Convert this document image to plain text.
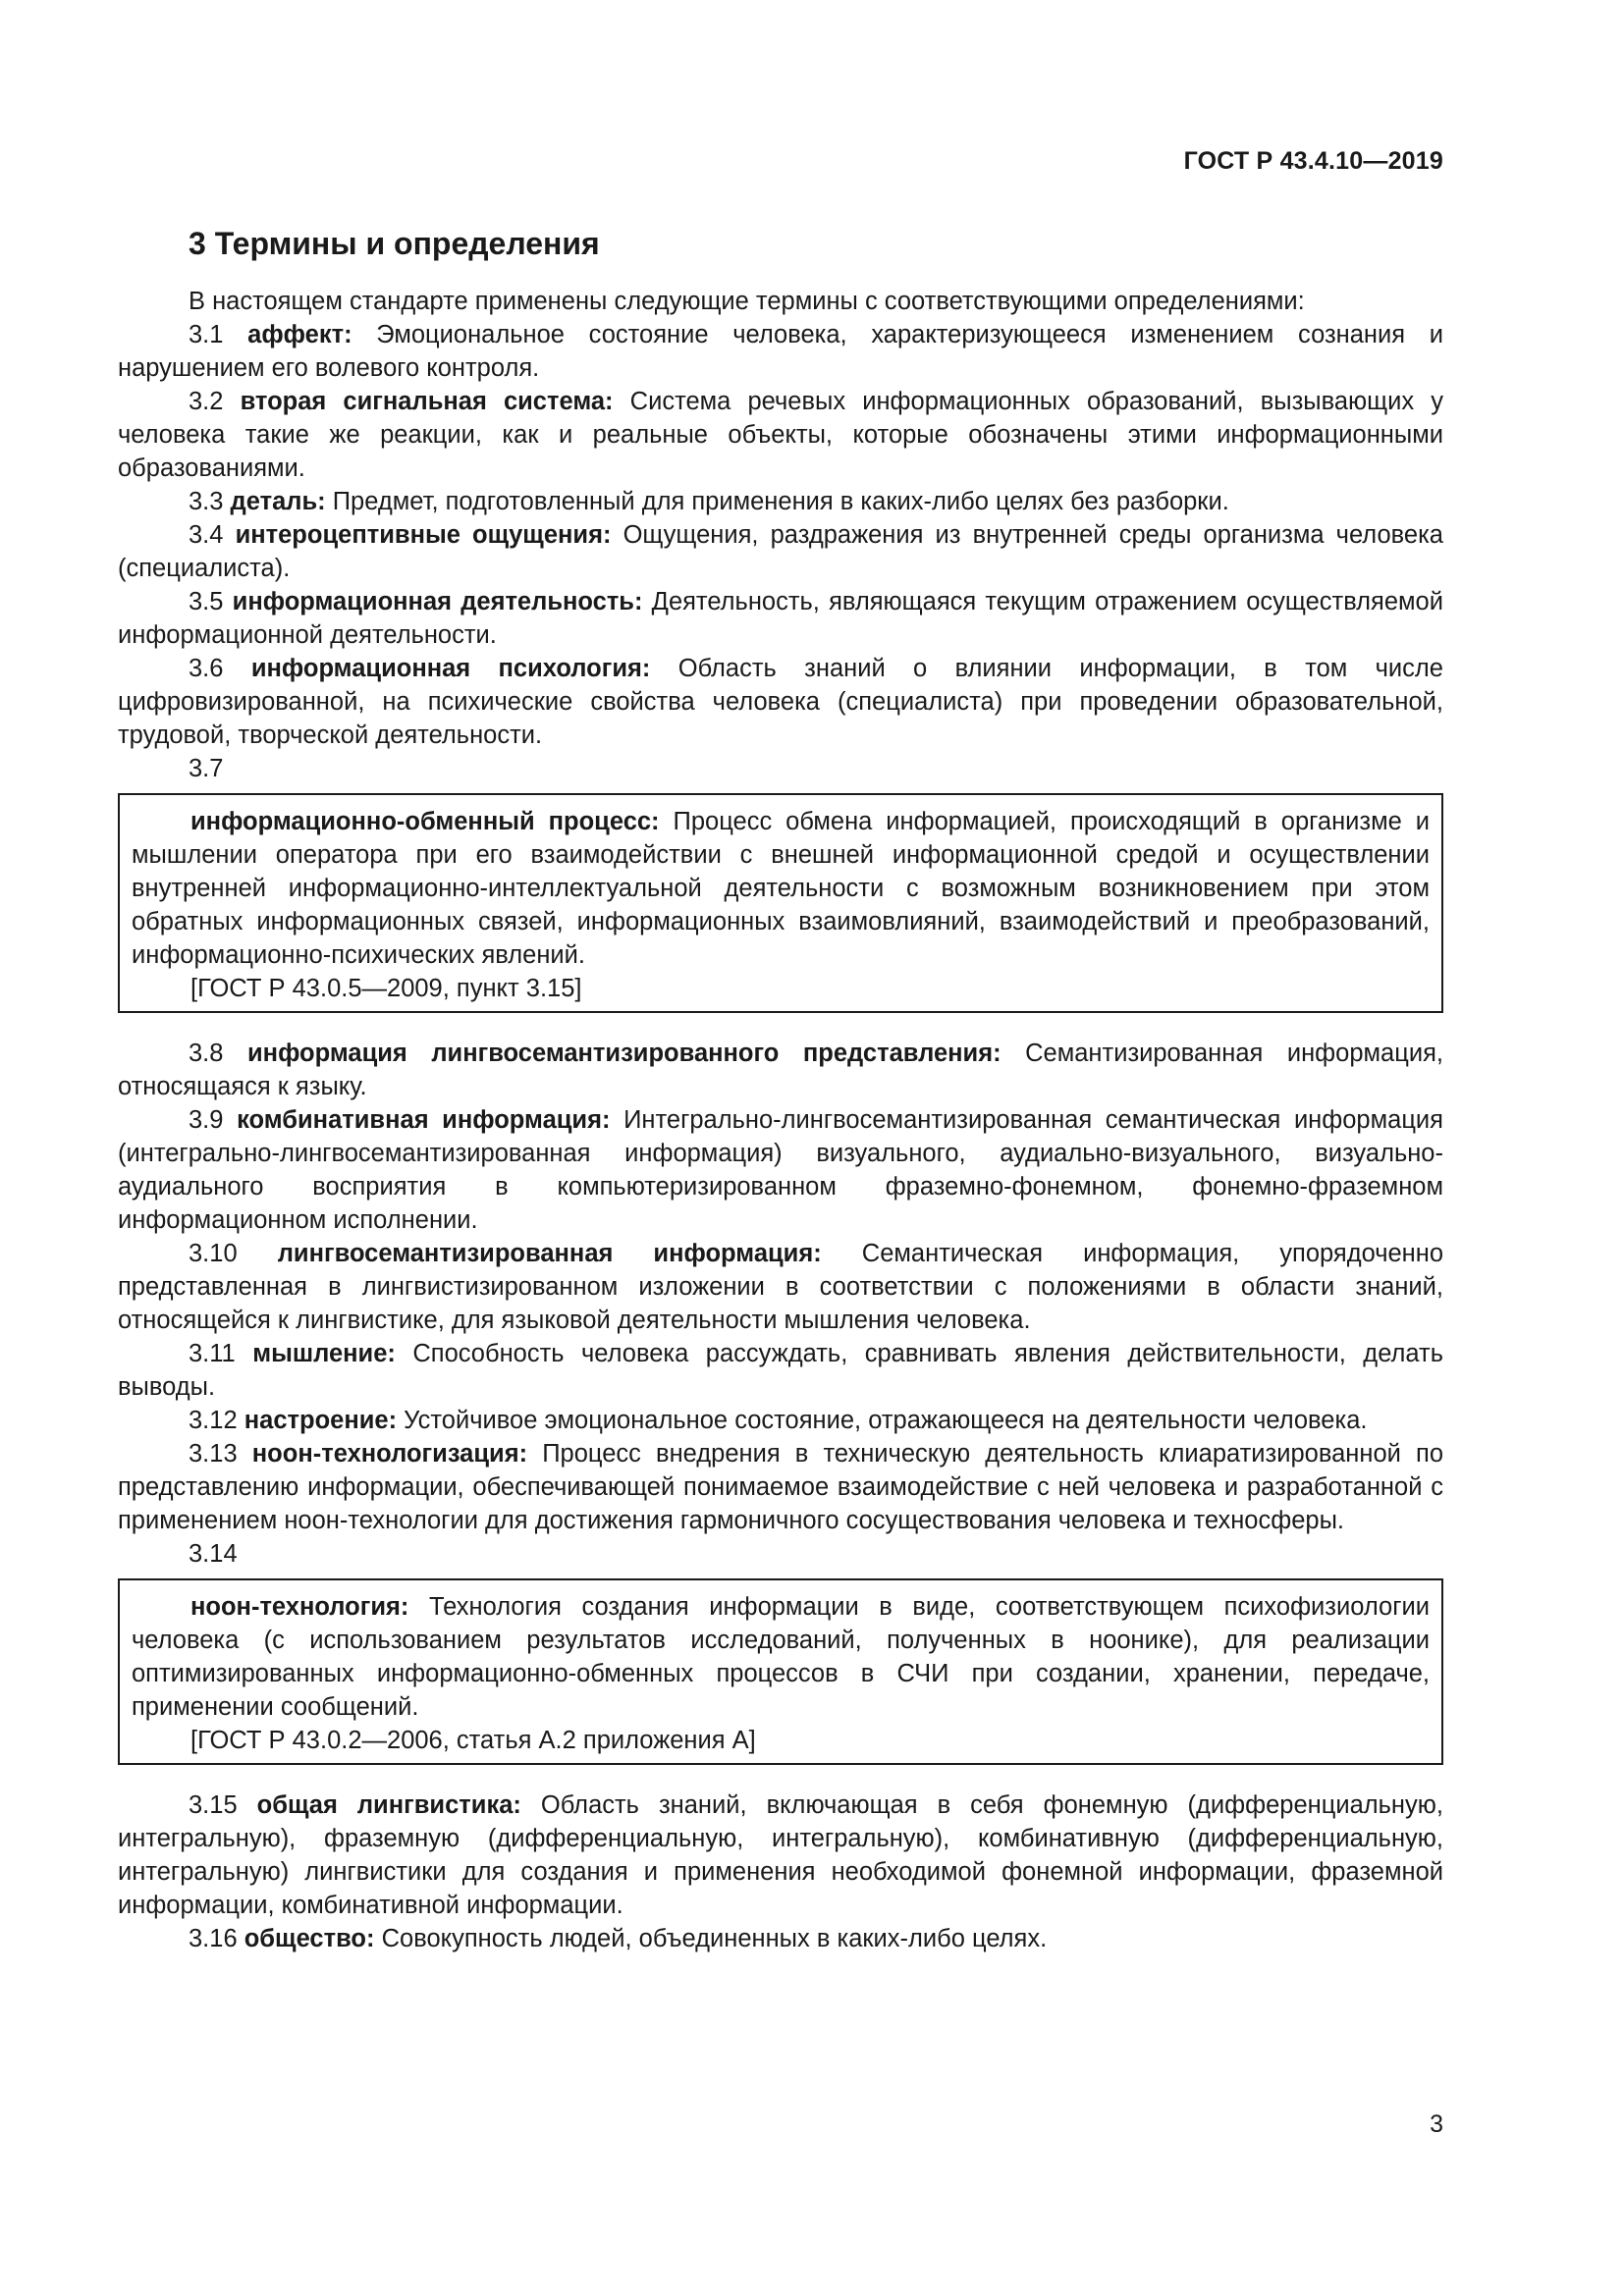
ГОСТ Р 43.4.10—2019
3 Термины и определения

В настоящем стандарте применены следующие термины с соответствующими определениями:

3.1 аффект: Эмоциональное состояние человека, характеризующееся изменением сознания и нарушением его волевого контроля.

3.2 вторая сигнальная система: Система речевых информационных образований, вызывающих у человека такие же реакции, как и реальные объекты, которые обозначены этими информационными образованиями.

3.3 деталь: Предмет, подготовленный для применения в каких-либо целях без разборки.

3.4 интероцептивные ощущения: Ощущения, раздражения из внутренней среды организма человека (специалиста).

3.5 информационная деятельность: Деятельность, являющаяся текущим отражением осуществляемой информационной деятельности.

3.6 информационная психология: Область знаний о влиянии информации, в том числе цифровизированной, на психические свойства человека (специалиста) при проведении образовательной, трудовой, творческой деятельности.

3.7

информационно-обменный процесс: Процесс обмена информацией, происходящий в организме и мышлении оператора при его взаимодействии с внешней информационной средой и осуществлении внутренней информационно-интеллектуальной деятельности с возможным возникновением при этом обратных информационных связей, информационных взаимовлияний, взаимодействий и преобразований, информационно-психических явлений.

[ГОСТ Р 43.0.5—2009, пункт 3.15]

3.8 информация лингвосемантизированного представления: Семантизированная информация, относящаяся к языку.

3.9 комбинативная информация: Интегрально-лингвосемантизированная семантическая информация (интегрально-лингвосемантизированная информация) визуального, аудиально-визуального, визуально-аудиального восприятия в компьютеризированном фраземно-фонемном, фонемно-фраземном информационном исполнении.

3.10 лингвосемантизированная информация: Семантическая информация, упорядоченно представленная в лингвистизированном изложении в соответствии с положениями в области знаний, относящейся к лингвистике, для языковой деятельности мышления человека.

3.11 мышление: Способность человека рассуждать, сравнивать явления действительности, делать выводы.

3.12 настроение: Устойчивое эмоциональное состояние, отражающееся на деятельности человека.

3.13 ноон-технологизация: Процесс внедрения в техническую деятельность клиаратизированной по представлению информации, обеспечивающей понимаемое взаимодействие с ней человека и разработанной с применением ноон-технологии для достижения гармоничного сосуществования человека и техносферы.

3.14

ноон-технология: Технология создания информации в виде, соответствующем психофизиологии человека (с использованием результатов исследований, полученных в ноонике), для реализации оптимизированных информационно-обменных процессов в СЧИ при создании, хранении, передаче, применении сообщений.

[ГОСТ Р 43.0.2—2006, статья А.2 приложения А]

3.15 общая лингвистика: Область знаний, включающая в себя фонемную (дифференциальную, интегральную), фраземную (дифференциальную, интегральную), комбинативную (дифференциальную, интегральную) лингвистики для создания и применения необходимой фонемной информации, фраземной информации, комбинативной информации.

3.16 общество: Совокупность людей, объединенных в каких-либо целях.

3
